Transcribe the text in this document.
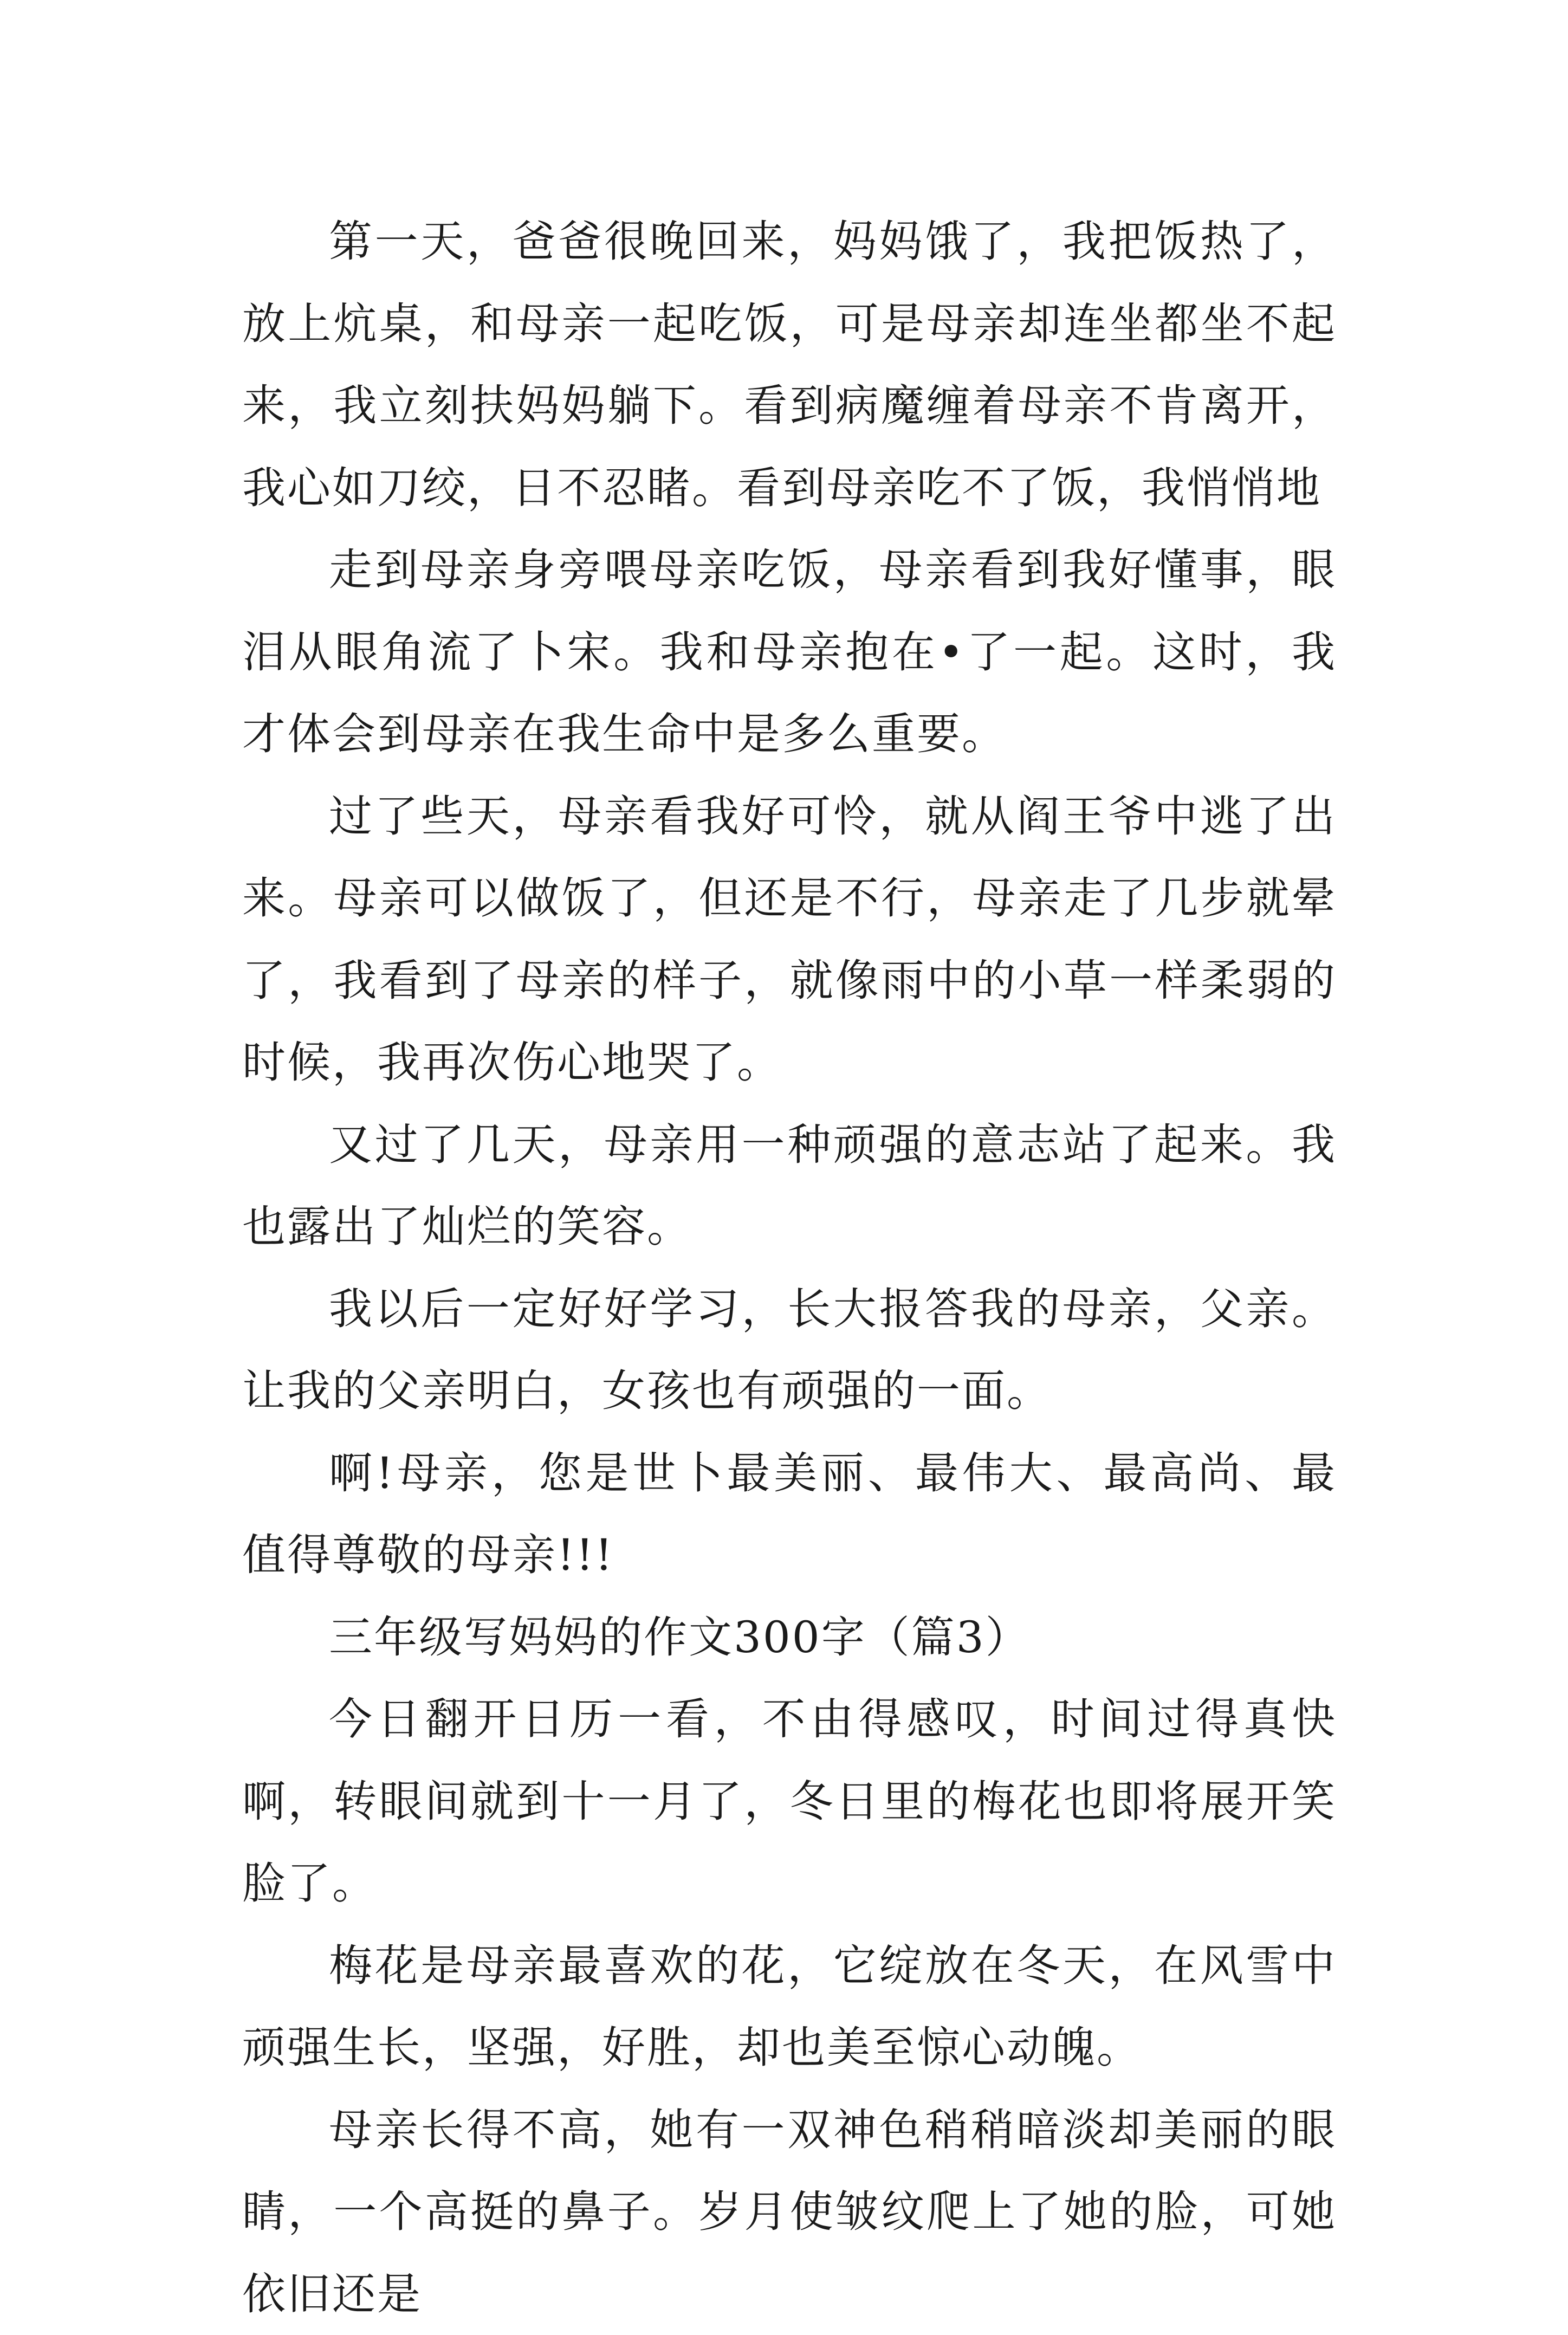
第一天，爸爸很晚回来，妈妈饿了，我把饭热了，放上炕桌，和母亲一起吃饭，可是母亲却连坐都坐不起来，我立刻扶妈妈躺下。看到病魔缠着母亲不肯离开，我心如刀绞，日不忍睹。看到母亲吃不了饭，我悄悄地

走到母亲身旁喂母亲吃饭，母亲看到我好懂事，眼泪从眼角流了卜宋。我和母亲抱在•了一起。这时，我才体会到母亲在我生命中是多么重要。

过了些天，母亲看我好可怜，就从阎王爷中逃了出来。母亲可以做饭了，但还是不行，母亲走了几步就晕了，我看到了母亲的样子，就像雨中的小草一样柔弱的时候，我再次伤心地哭了。

又过了几天，母亲用一种顽强的意志站了起来。我也露出了灿烂的笑容。

我以后一定好好学习，长大报答我的母亲，父亲。让我的父亲明白，女孩也有顽强的一面。

啊!母亲，您是世卜最美丽、最伟大、最高尚、最值得尊敬的母亲!!!

三年级写妈妈的作文300字（篇3）

今日翻开日历一看，不由得感叹，时间过得真快啊，转眼间就到十一月了，冬日里的梅花也即将展开笑脸了。

梅花是母亲最喜欢的花，它绽放在冬天，在风雪中顽强生长，坚强，好胜，却也美至惊心动魄。

母亲长得不高，她有一双神色稍稍暗淡却美丽的眼睛，一个高挺的鼻子。岁月使皱纹爬上了她的脸，可她依旧还是
